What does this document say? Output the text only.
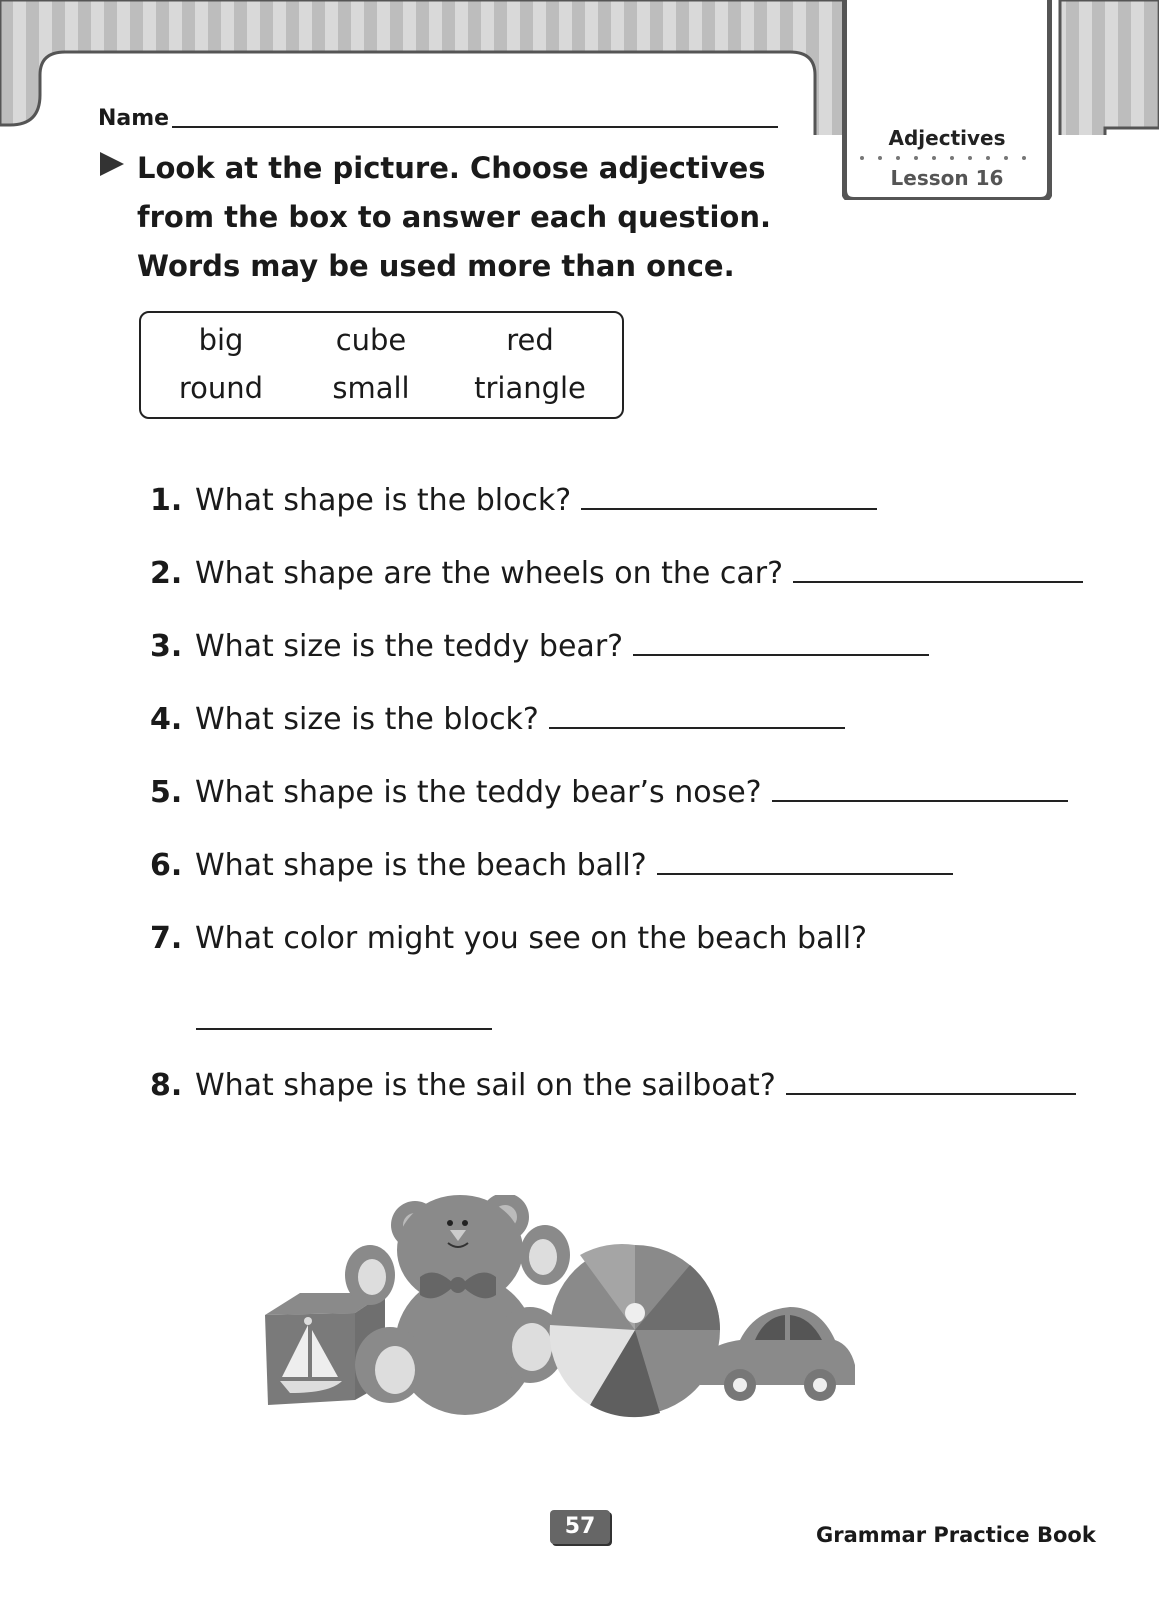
Adjectives
Lesson 16
Name
Look at the picture. Choose adjectives from the box to answer each question. Words may be used more than once.
big	cube	red
round	small	triangle
1. What shape is the block?
2. What shape are the wheels on the car?
3. What size is the teddy bear?
4. What size is the block?
5. What shape is the teddy bear’s nose?
6. What shape is the beach ball?
7. What color might you see on the beach ball?
8. What shape is the sail on the sailboat?
57	Grammar Practice Book
